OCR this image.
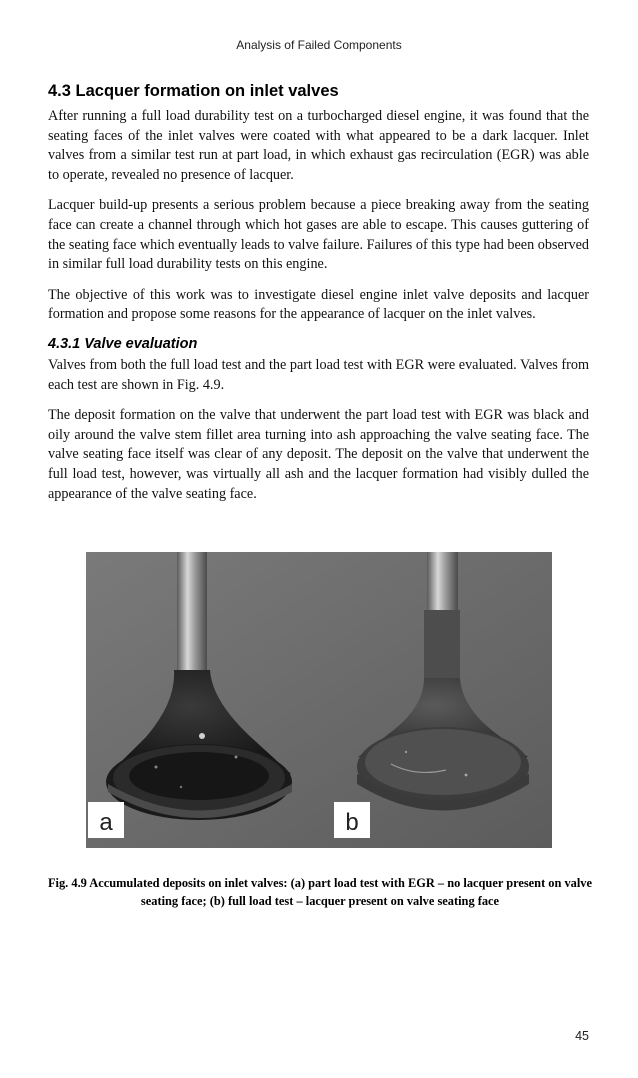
Analysis of Failed Components
4.3 Lacquer formation on inlet valves

After running a full load durability test on a turbocharged diesel engine, it was found that the seating faces of the inlet valves were coated with what appeared to be a dark lacquer. Inlet valves from a similar test run at part load, in which exhaust gas recirculation (EGR) was able to operate, revealed no presence of lacquer.

Lacquer build-up presents a serious problem because a piece breaking away from the seating face can create a channel through which hot gases are able to escape. This causes guttering of the seating face which eventually leads to valve failure. Failures of this type had been observed in similar full load durability tests on this engine.

The objective of this work was to investigate diesel engine inlet valve deposits and lacquer formation and propose some reasons for the appearance of lacquer on the inlet valves.

4.3.1 Valve evaluation

Valves from both the full load test and the part load test with EGR were evaluated. Valves from each test are shown in Fig. 4.9.

The deposit formation on the valve that underwent the part load test with EGR was black and oily around the valve stem fillet area turning into ash approaching the valve seating face. The valve seating face itself was clear of any deposit. The deposit on the valve that underwent the full load test, however, was virtually all ash and the lacquer formation had visibly dulled the appearance of the valve seating face.

a	b
Fig. 4.9 Accumulated deposits on inlet valves: (a) part load test with EGR – no lacquer present on valve seating face; (b) full load test – lacquer present on valve seating face
45
